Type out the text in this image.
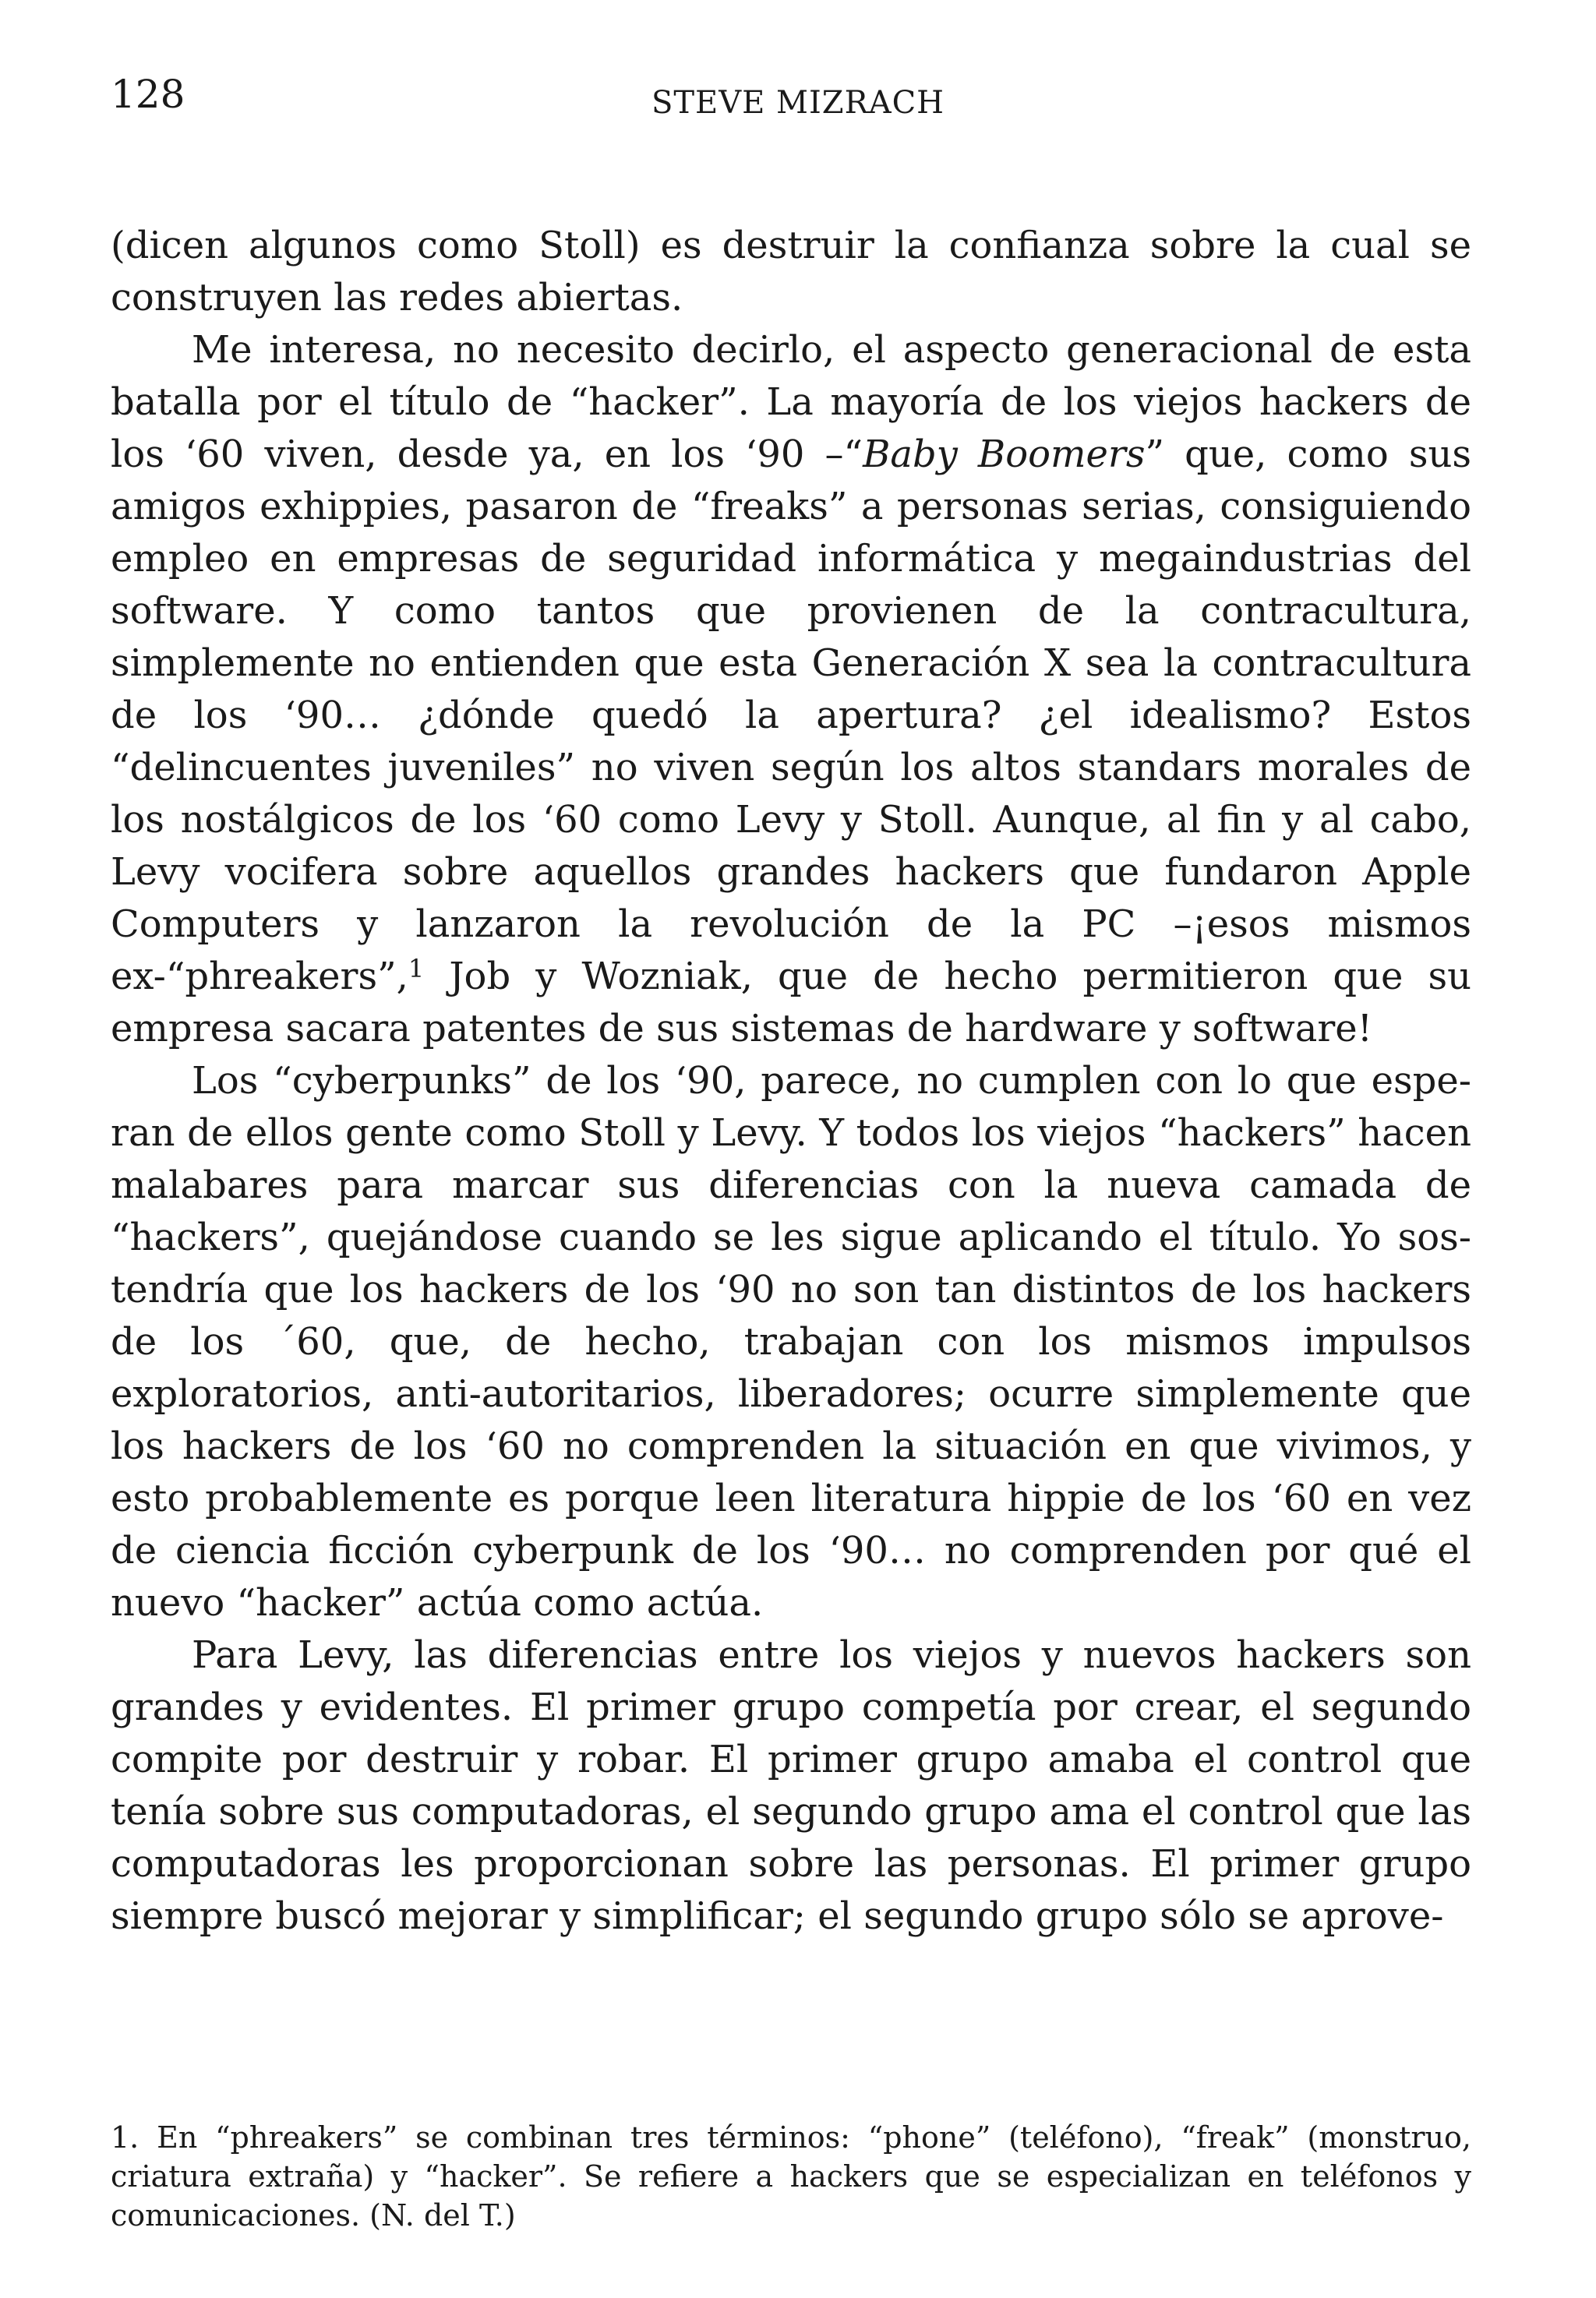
128	STEVE MIZRACH

(dicen algunos como Stoll) es destruir la confianza sobre la cual se construyen las redes abiertas.

Me interesa, no necesito decirlo, el aspecto generacional de esta batalla por el título de “hacker”. La mayoría de los viejos hackers de los ‘60 viven, desde ya, en los ‘90 –“Baby Boomers” que, como sus amigos exhippies, pasaron de “freaks” a personas serias, consiguiendo empleo en empresas de seguridad informática y megaindustrias del software. Y como tantos que provienen de la contracultura, simplemente no entienden que esta Generación X sea la contracultura de los ‘90… ¿dónde quedó la apertura? ¿el idealismo? Estos “delincuentes juveniles” no viven según los altos standars morales de los nostálgicos de los ‘60 como Levy y Stoll. Aunque, al fin y al cabo, Levy vocifera sobre aquellos grandes hackers que fundaron Apple Computers y lanzaron la revolución de la PC –¡esos mismos ex-“phreakers”,$^1$ Job y Wozniak, que de hecho permitieron que su empresa sacara patentes de sus sistemas de hardware y software!

Los “cyberpunks” de los ‘90, parece, no cumplen con lo que esperan de ellos gente como Stoll y Levy. Y todos los viejos “hackers” hacen malabares para marcar sus diferencias con la nueva camada de “hackers”, quejándose cuando se les sigue aplicando el título. Yo sostendría que los hackers de los ‘90 no son tan distintos de los hackers de los ´60, que, de hecho, trabajan con los mismos impulsos exploratorios, anti-autoritarios, liberadores; ocurre simplemente que los hackers de los ‘60 no comprenden la situación en que vivimos, y esto probablemente es porque leen literatura hippie de los ‘60 en vez de ciencia ficción cyberpunk de los ‘90… no comprenden por qué el nuevo “hacker” actúa como actúa.

Para Levy, las diferencias entre los viejos y nuevos hackers son grandes y evidentes. El primer grupo competía por crear, el segundo compite por destruir y robar. El primer grupo amaba el control que tenía sobre sus computadoras, el segundo grupo ama el control que las computadoras les proporcionan sobre las personas. El primer grupo siempre buscó mejorar y simplificar; el segundo grupo sólo se aprove-

1. En “phreakers” se combinan tres términos: “phone” (teléfono), “freak” (monstruo, criatura extraña) y “hacker”. Se refiere a hackers que se especializan en teléfonos y comunicaciones. (N. del T.)
